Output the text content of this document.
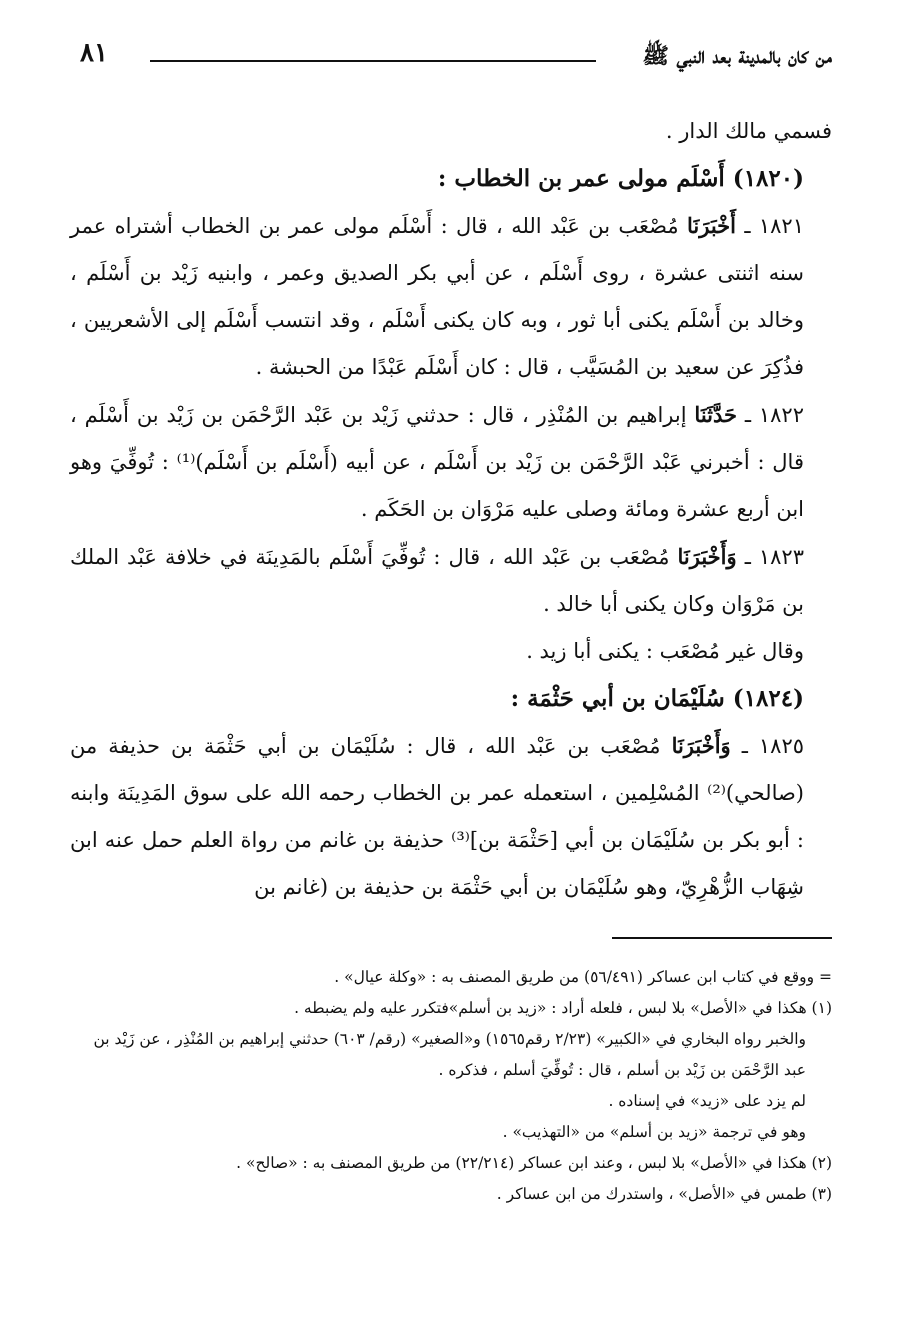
من كان بالمدينة بعد النبي ﷺ
٨١

فسمي مالك الدار .

(١٨٢٠) أَسْلَم مولى عمر بن الخطاب :

١٨٢١ ـ أَخْبَرَنَا مُصْعَب بن عَبْد الله ، قال : أَسْلَم مولى عمر بن الخطاب أشتراه عمر سنه اثنتى عشرة ، روى أَسْلَم ، عن أبي بكر الصديق وعمر ، وابنيه زَيْد بن أَسْلَم ، وخالد بن أَسْلَم يكنى أبا ثور ، وبه كان يكنى أَسْلَم ، وقد انتسب أَسْلَم إلى الأشعريين ، فذُكِرَ عن سعيد بن المُسَيَّب ، قال : كان أَسْلَم عَبْدًا من الحبشة .

١٨٢٢ ـ حَدَّثَنَا إبراهيم بن المُنْذِر ، قال : حدثني زَيْد بن عَبْد الرَّحْمَن بن زَيْد بن أَسْلَم ، قال : أخبرني عَبْد الرَّحْمَن بن زَيْد بن أَسْلَم ، عن أبيه (أَسْلَم بن أَسْلَم)⁽¹⁾ : تُوفِّيَ وهو ابن أربع عشرة ومائة وصلى عليه مَرْوَان بن الحَكَم .

١٨٢٣ ـ وَأَخْبَرَنَا مُصْعَب بن عَبْد الله ، قال : تُوفِّيَ أَسْلَم بالمَدِينَة في خلافة عَبْد الملك بن مَرْوَان وكان يكنى أبا خالد .

وقال غير مُصْعَب : يكنى أبا زيد .

(١٨٢٤) سُلَيْمَان بن أبي حَثْمَة :

١٨٢٥ ـ وَأَخْبَرَنَا مُصْعَب بن عَبْد الله ، قال : سُلَيْمَان بن أبي حَثْمَة بن حذيفة من (صالحي)⁽²⁾ المُسْلِمين ، استعمله عمر بن الخطاب رحمه الله على سوق المَدِينَة وابنه : أبو بكر بن سُلَيْمَان بن أبي [حَثْمَة بن]⁽³⁾ حذيفة بن غانم من رواة العلم حمل عنه ابن شِهَاب الزُّهْرِيّ، وهو سُلَيْمَان بن أبي حَثْمَة بن حذيفة بن (غانم بن

= ووقع في كتاب ابن عساكر (٥٦/٤٩١) من طريق المصنف به : «وكلة عيال» .

(١) هكذا في «الأصل» بلا لبس ، فلعله أراد : «زيد بن أسلم»فتكرر عليه ولم يضبطه .

والخبر رواه البخاري في «الكبير» (٢/٢٣ رقم١٥٦٥) و«الصغير» (رقم/ ٦٠٣) حدثني إبراهيم بن المُنْذِر ، عن زَيْد بن عبد الرَّحْمَن بن زَيْد بن أسلم ، قال : تُوفِّيَ أسلم ، فذكره .

لم يزد على «زيد» في إسناده .

وهو في ترجمة «زيد بن أسلم» من «التهذيب» .

(٢) هكذا في «الأصل» بلا لبس ، وعند ابن عساكر (٢٢/٢١٤) من طريق المصنف به : «صالح» .

(٣) طمس في «الأصل» ، واستدرك من ابن عساكر .
